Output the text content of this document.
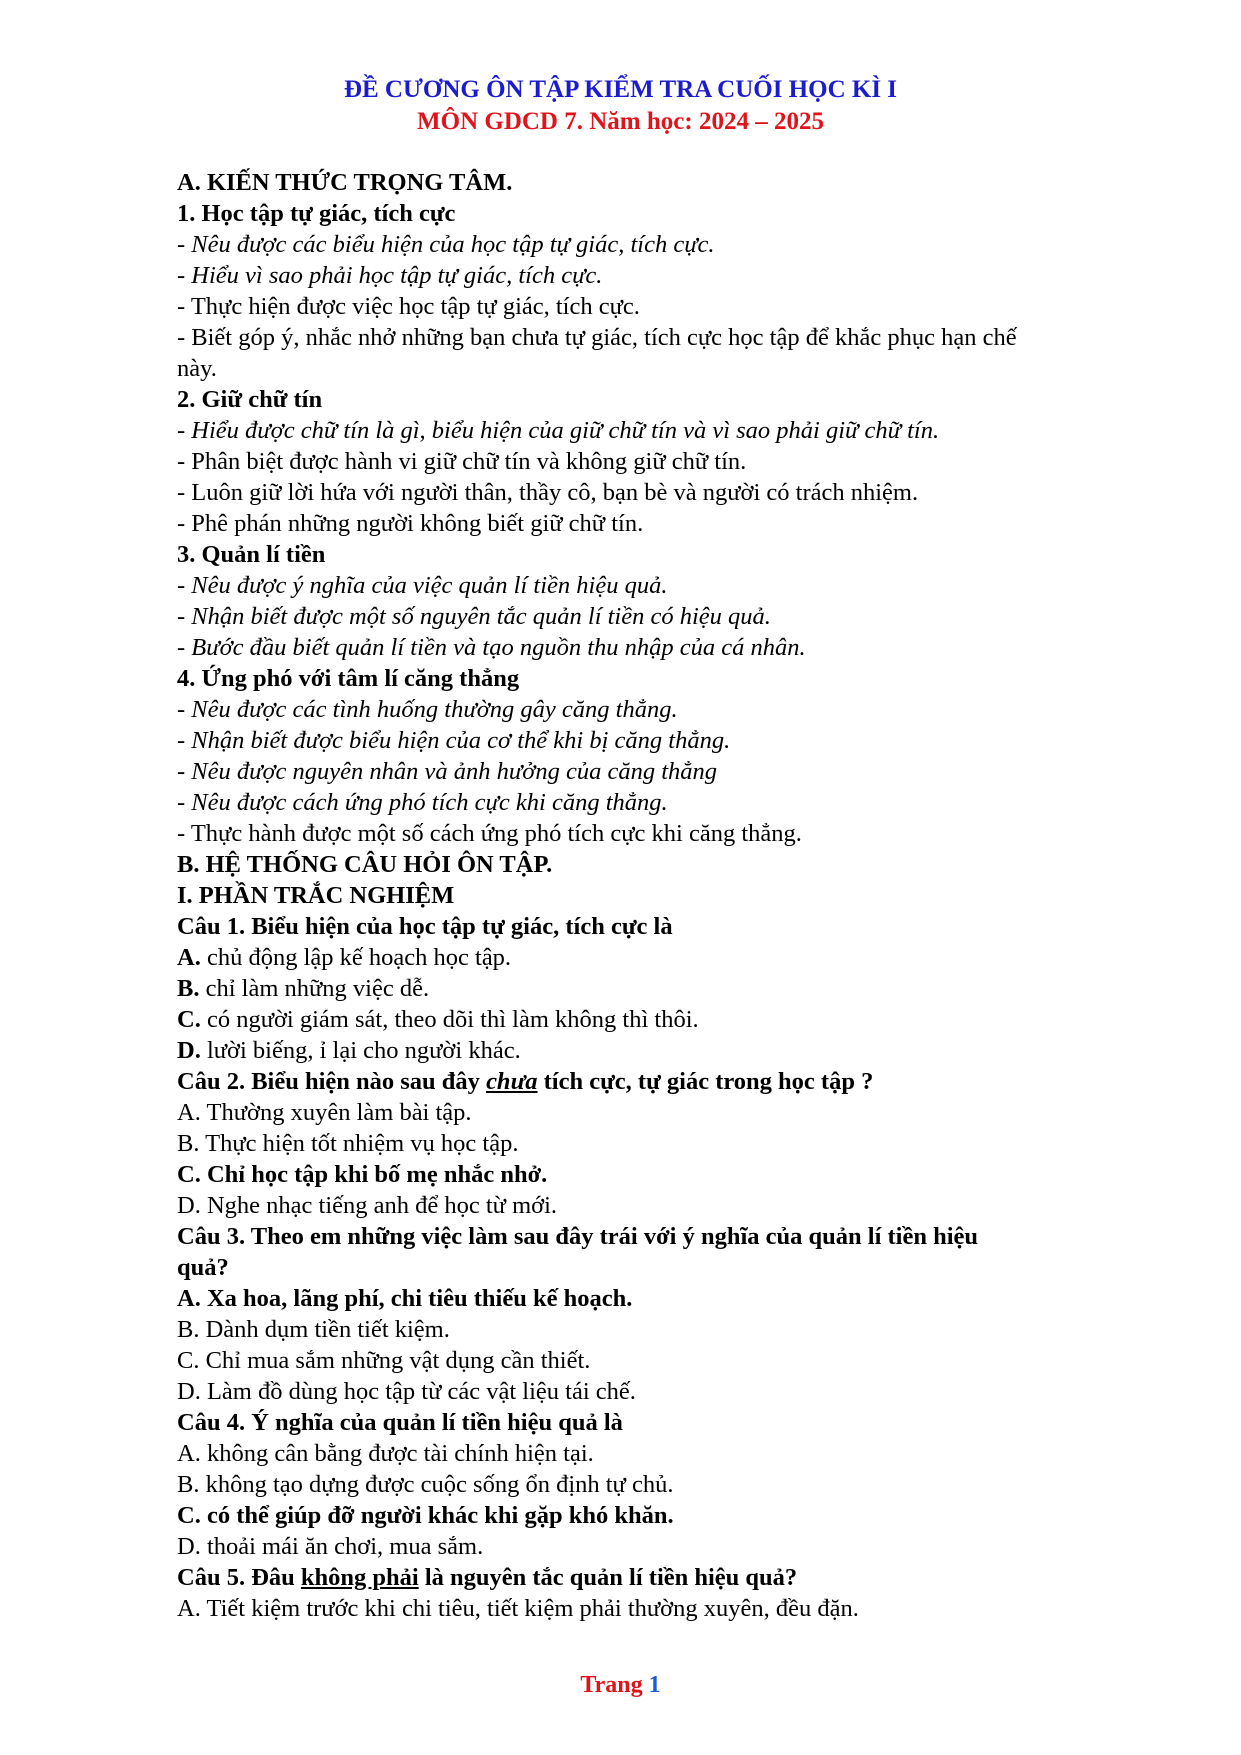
ĐỀ CƯƠNG ÔN TẬP KIỂM TRA CUỐI HỌC KÌ I
MÔN GDCD 7. Năm học: 2024 – 2025

A. KIẾN THỨC TRỌNG TÂM.

1. Học tập tự giác, tích cực

- Nêu được các biểu hiện của học tập tự giác, tích cực.

- Hiểu vì sao phải học tập tự giác, tích cực.

- Thực hiện được việc học tập tự giác, tích cực.

- Biết góp ý, nhắc nhở những bạn chưa tự giác, tích cực học tập để khắc phục hạn chế

này.

2. Giữ chữ tín

- Hiểu được chữ tín là gì, biểu hiện của giữ chữ tín và vì sao phải giữ chữ tín.

- Phân biệt được hành vi giữ chữ tín và không giữ chữ tín.

- Luôn giữ lời hứa với người thân, thầy cô, bạn bè và người có trách nhiệm.

- Phê phán những người không biết giữ chữ tín.

3. Quản lí tiền

- Nêu được ý nghĩa của việc quản lí tiền hiệu quả.

- Nhận biết được một số nguyên tắc quản lí tiền có hiệu quả.

- Bước đầu biết quản lí tiền và tạo nguồn thu nhập của cá nhân.

4. Ứng phó với tâm lí căng thẳng

- Nêu được các tình huống thường gây căng thẳng.

- Nhận biết được biểu hiện của cơ thể khi bị căng thẳng.

- Nêu được nguyên nhân và ảnh hưởng của căng thẳng

- Nêu được cách ứng phó tích cực khi căng thẳng.

- Thực hành được một số cách ứng phó tích cực khi căng thẳng.

B. HỆ THỐNG CÂU HỎI ÔN TẬP.

I. PHẦN TRẮC NGHIỆM

Câu 1. Biểu hiện của học tập tự giác, tích cực là

A. chủ động lập kế hoạch học tập.

B. chỉ làm những việc dễ.

C. có người giám sát, theo dõi thì làm không thì thôi.

D. lười biếng, ỉ lại cho người khác.

Câu 2. Biểu hiện nào sau đây chưa tích cực, tự giác trong học tập ?

A. Thường xuyên làm bài tập.

B. Thực hiện tốt nhiệm vụ học tập.

C. Chỉ học tập khi bố mẹ nhắc nhở.

D. Nghe nhạc tiếng anh để học từ mới.

Câu 3. Theo em những việc làm sau đây trái với ý nghĩa của quản lí tiền hiệu

quả?

A. Xa hoa, lãng phí, chi tiêu thiếu kế hoạch.

B. Dành dụm tiền tiết kiệm.

C. Chỉ mua sắm những vật dụng cần thiết.

D. Làm đồ dùng học tập từ các vật liệu tái chế.

Câu 4. Ý nghĩa của quản lí tiền hiệu quả là

A. không cân bằng được tài chính hiện tại.

B. không tạo dựng được cuộc sống ổn định tự chủ.

C. có thể giúp đỡ người khác khi gặp khó khăn.

D. thoải mái ăn chơi, mua sắm.

Câu 5. Đâu không phải là nguyên tắc quản lí tiền hiệu quả?

A. Tiết kiệm trước khi chi tiêu, tiết kiệm phải thường xuyên, đều đặn.

Trang 1
